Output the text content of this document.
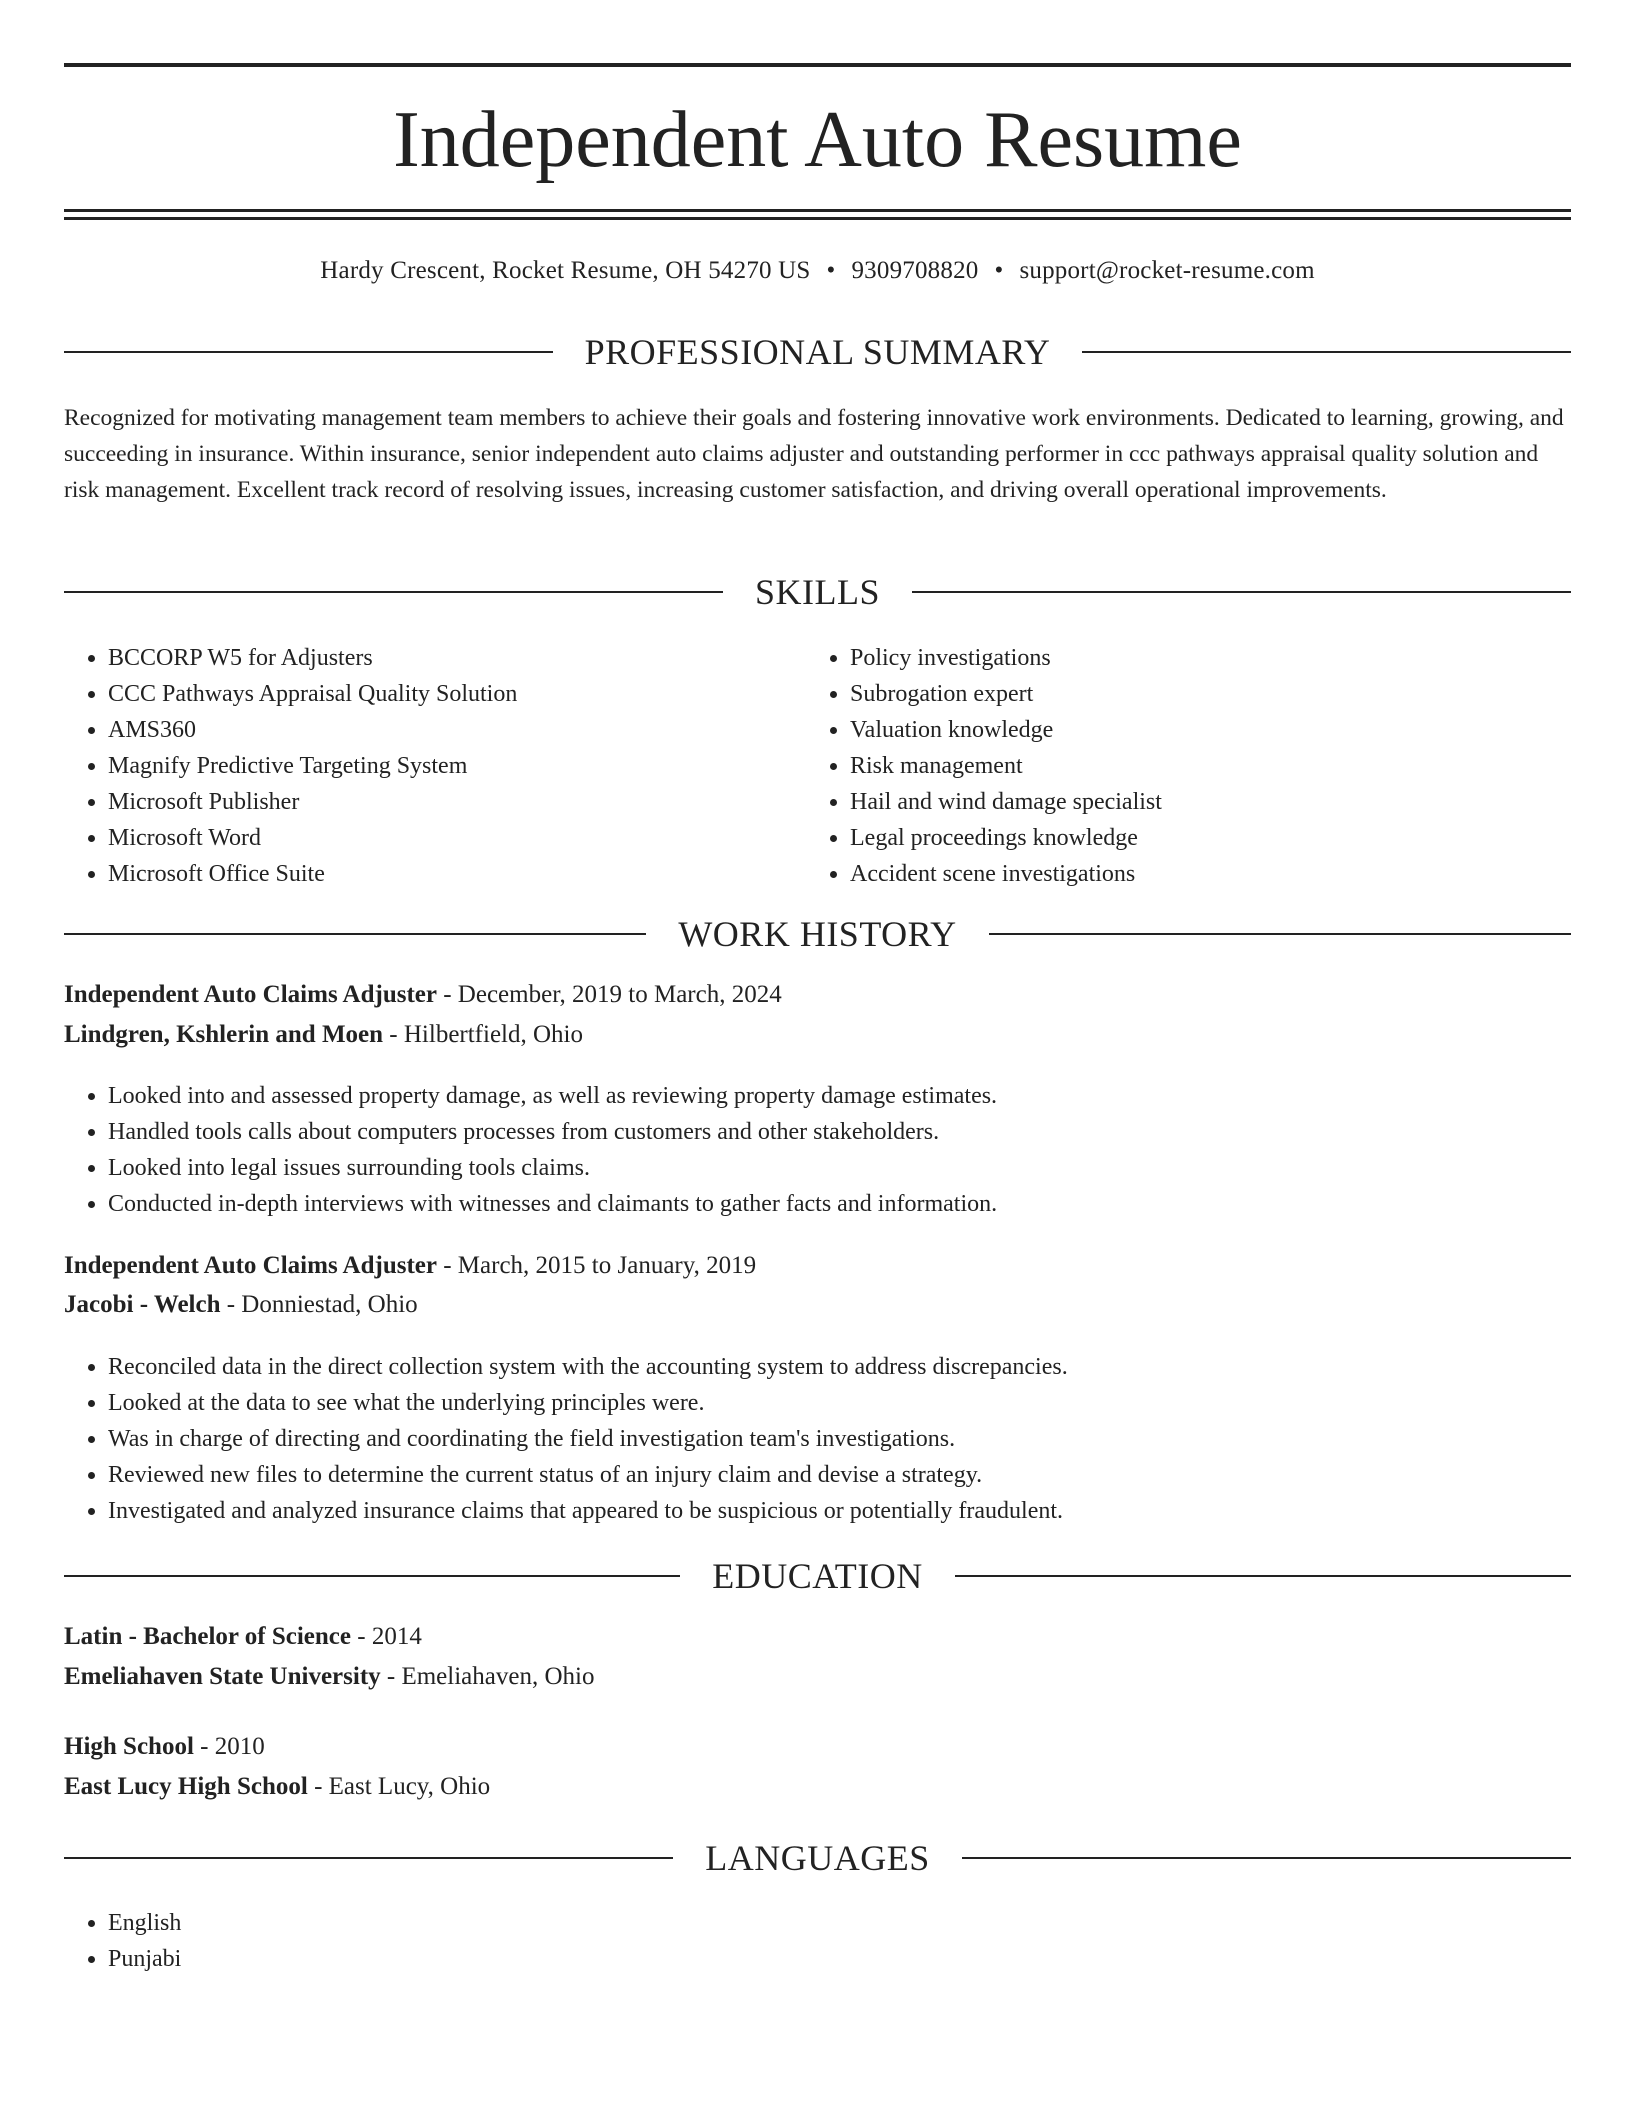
Independent Auto Resume
Hardy Crescent, Rocket Resume, OH 54270 US • 9309708820 • support@rocket-resume.com
PROFESSIONAL SUMMARY

Recognized for motivating management team members to achieve their goals and fostering innovative work environments. Dedicated to learning, growing, and succeeding in insurance. Within insurance, senior independent auto claims adjuster and outstanding performer in ccc pathways appraisal quality solution and risk management. Excellent track record of resolving issues, increasing customer satisfaction, and driving overall operational improvements.

SKILLS
• BCCORP W5 for Adjusters
• CCC Pathways Appraisal Quality Solution
• AMS360
• Magnify Predictive Targeting System
• Microsoft Publisher
• Microsoft Word
• Microsoft Office Suite
• Policy investigations
• Subrogation expert
• Valuation knowledge
• Risk management
• Hail and wind damage specialist
• Legal proceedings knowledge
• Accident scene investigations
WORK HISTORY
Independent Auto Claims Adjuster - December, 2019 to March, 2024
Lindgren, Kshlerin and Moen - Hilbertfield, Ohio
• Looked into and assessed property damage, as well as reviewing property damage estimates.
• Handled tools calls about computers processes from customers and other stakeholders.
• Looked into legal issues surrounding tools claims.
• Conducted in-depth interviews with witnesses and claimants to gather facts and information.
Independent Auto Claims Adjuster - March, 2015 to January, 2019
Jacobi - Welch - Donniestad, Ohio
• Reconciled data in the direct collection system with the accounting system to address discrepancies.
• Looked at the data to see what the underlying principles were.
• Was in charge of directing and coordinating the field investigation team's investigations.
• Reviewed new files to determine the current status of an injury claim and devise a strategy.
• Investigated and analyzed insurance claims that appeared to be suspicious or potentially fraudulent.
EDUCATION
Latin - Bachelor of Science - 2014
Emeliahaven State University - Emeliahaven, Ohio
High School - 2010
East Lucy High School - East Lucy, Ohio
LANGUAGES
• English
• Punjabi
